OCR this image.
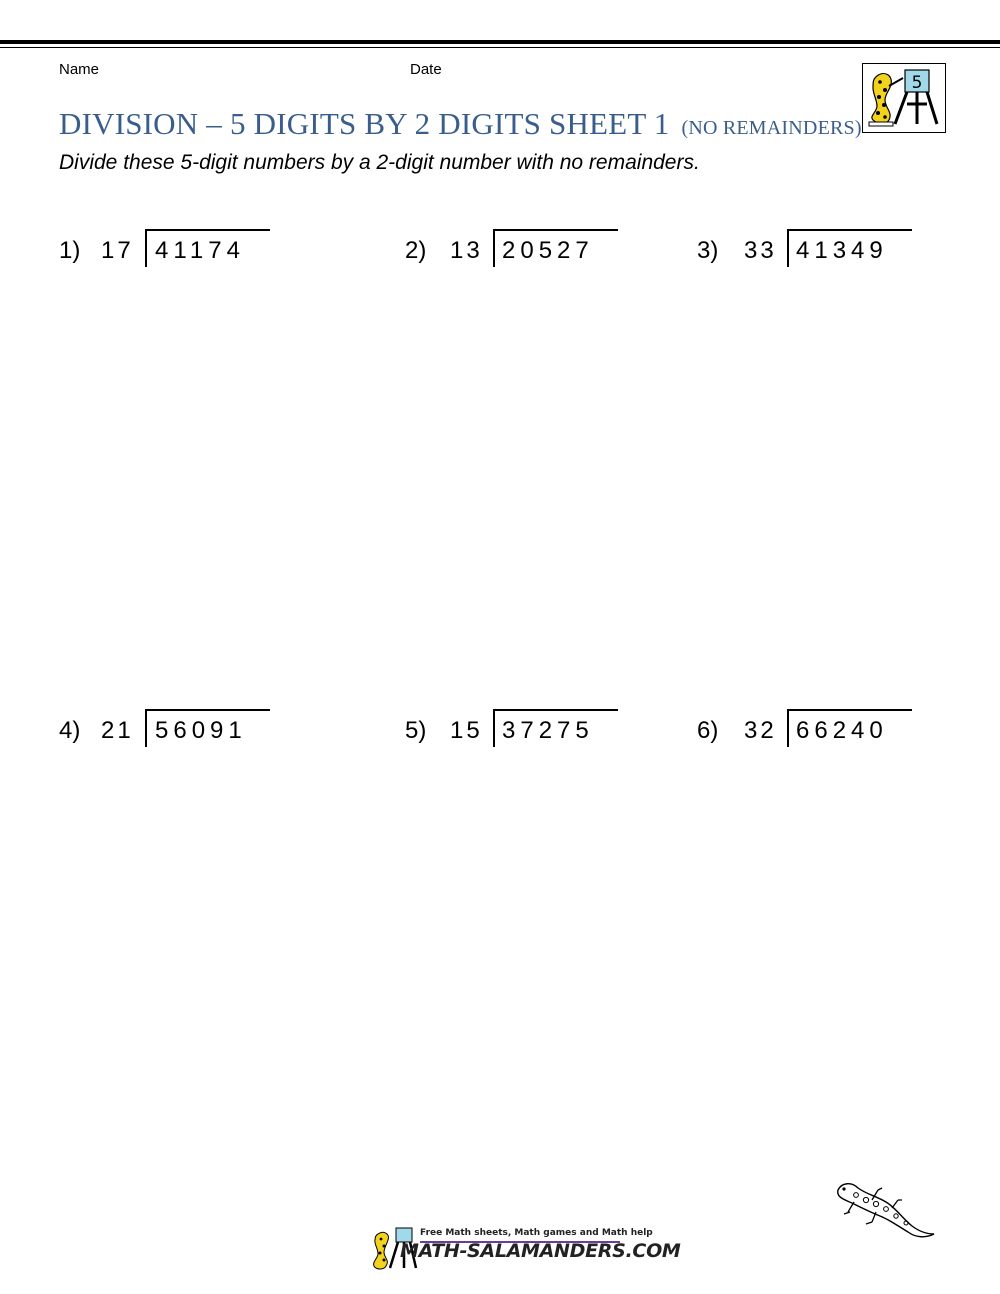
Name	Date
DIVISION – 5 DIGITS BY 2 DIGITS SHEET 1 (NO REMAINDERS)
Divide these 5-digit numbers by a 2-digit number with no remainders.
5
1) 17 41174	2) 13 20527	3) 33 41349
4) 21 56091	5) 15 37275	6) 32 66240
Free Math sheets, Math games and Math help
MATH-SALAMANDERS.COM
